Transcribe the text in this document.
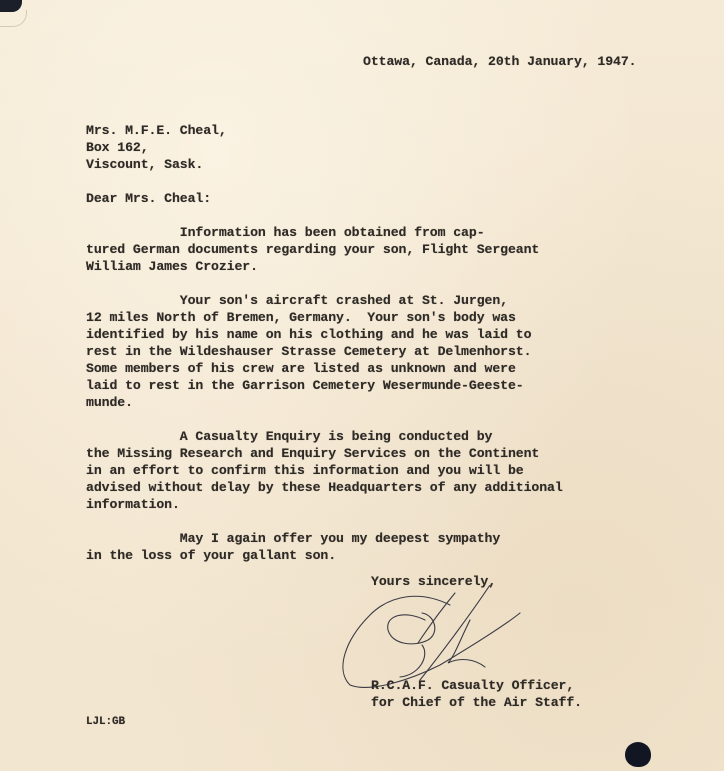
Ottawa, Canada, 20th January, 1947.
Mrs. M.F.E. Cheal,
Box 162,
Viscount, Sask.
Dear Mrs. Cheal:
Information has been obtained from cap-
tured German documents regarding your son, Flight Sergeant
William James Crozier.
Your son's aircraft crashed at St. Jurgen,
12 miles North of Bremen, Germany.  Your son's body was
identified by his name on his clothing and he was laid to
rest in the Wildeshauser Strasse Cemetery at Delmenhorst.
Some members of his crew are listed as unknown and were
laid to rest in the Garrison Cemetery Wesermunde-Geeste-
munde.
A Casualty Enquiry is being conducted by
the Missing Research and Enquiry Services on the Continent
in an effort to confirm this information and you will be
advised without delay by these Headquarters of any additional
information.
May I again offer you my deepest sympathy
in the loss of your gallant son.
Yours sincerely,
R.C.A.F. Casualty Officer,
for Chief of the Air Staff.
LJL:GB
